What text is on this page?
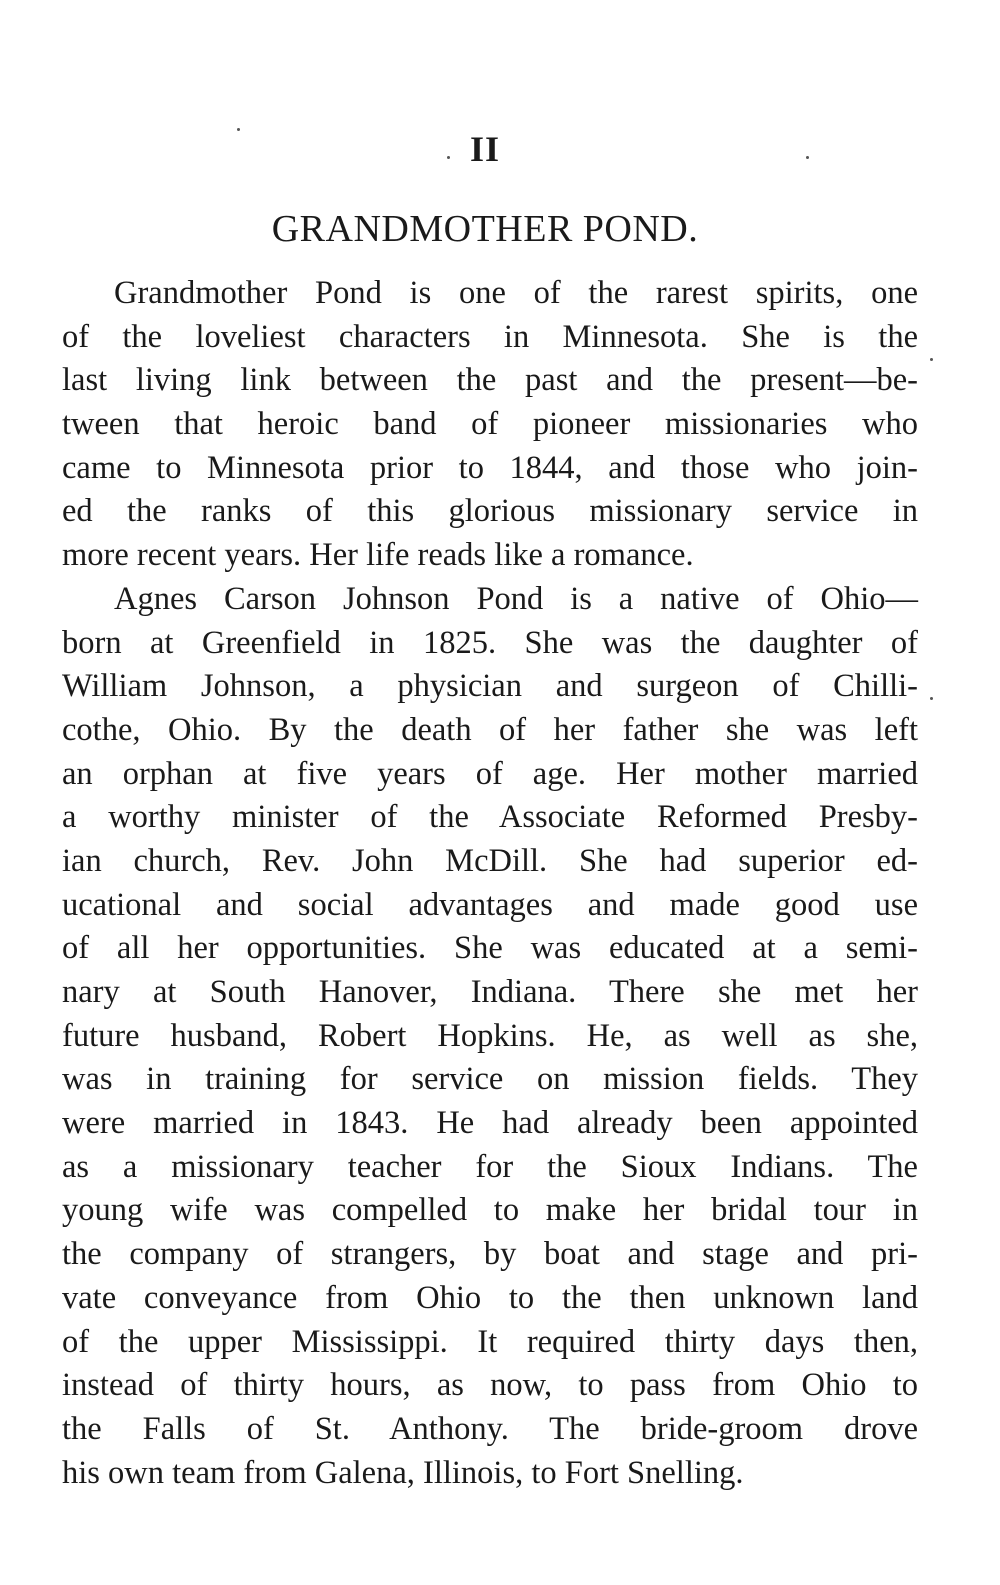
II
GRANDMOTHER POND.
Grandmother Pond is one of the rarest spirits, one
of the loveliest characters in Minnesota. She is the
last living link between the past and the present—be-
tween that heroic band of pioneer missionaries who
came to Minnesota prior to 1844, and those who join-
ed the ranks of this glorious missionary service in
more recent years. Her life reads like a romance.
Agnes Carson Johnson Pond is a native of Ohio—
born at Greenfield in 1825. She was the daughter of
William Johnson, a physician and surgeon of Chilli-
cothe, Ohio. By the death of her father she was left
an orphan at five years of age. Her mother married
a worthy minister of the Associate Reformed Presby-
ian church, Rev. John McDill. She had superior ed-
ucational and social advantages and made good use
of all her opportunities. She was educated at a semi-
nary at South Hanover, Indiana. There she met her
future husband, Robert Hopkins. He, as well as she,
was in training for service on mission fields. They
were married in 1843. He had already been appointed
as a missionary teacher for the Sioux Indians. The
young wife was compelled to make her bridal tour in
the company of strangers, by boat and stage and pri-
vate conveyance from Ohio to the then unknown land
of the upper Mississippi. It required thirty days then,
instead of thirty hours, as now, to pass from Ohio to
the Falls of St. Anthony. The bride-groom drove
his own team from Galena, Illinois, to Fort Snelling.
